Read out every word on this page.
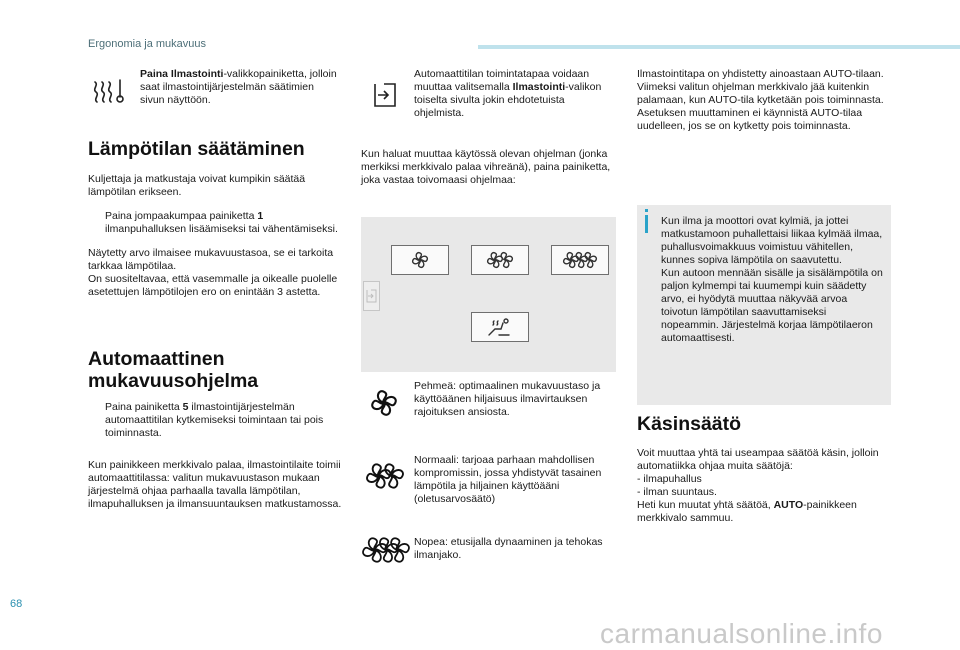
Ergonomia ja mukavuus
68
carmanualsonline.info

Paina Ilmastointi-valikkopainiketta, jolloin saat ilmastointijärjestelmän säätimien sivun näyttöön.

Lämpötilan säätäminen

Kuljettaja ja matkustaja voivat kumpikin säätää lämpötilan erikseen.

Paina jompaakumpaa painiketta 1 ilmanpuhalluksen lisäämiseksi tai vähentämiseksi.

Näytetty arvo ilmaisee mukavuustasoa, se ei tarkoita tarkkaa lämpötilaa.

On suositeltavaa, että vasemmalle ja oikealle puolelle asetettujen lämpötilojen ero on enintään 3 astetta.

Automaattinen
mukavuusohjelma

Paina painiketta 5 ilmastointijärjestelmän automaattitilan kytkemiseksi toimintaan tai pois toiminnasta.

Kun painikkeen merkkivalo palaa, ilmastointilaite toimii automaattitilassa: valitun mukavuustason mukaan järjestelmä ohjaa parhaalla tavalla lämpötilan, ilmapuhalluksen ja ilmansuuntauksen matkustamossa.

Automaattitilan toimintatapaa voidaan muuttaa valitsemalla Ilmastointi-valikon toiselta sivulta jokin ehdotetuista ohjelmista.

Kun haluat muuttaa käytössä olevan ohjelman (jonka merkiksi merkkivalo palaa vihreänä), paina painiketta, joka vastaa toivomaasi ohjelmaa:

Pehmeä: optimaalinen mukavuustaso ja käyttöäänen hiljaisuus ilmavirtauksen rajoituksen ansiosta.

Normaali: tarjoaa parhaan mahdollisen kompromissin, jossa yhdistyvät tasainen lämpötila ja hiljainen käyttöääni (oletusarvosäätö)

Nopea: etusijalla dynaaminen ja tehokas ilmanjako.

Ilmastointitapa on yhdistetty ainoastaan AUTO-tilaan. Viimeksi valitun ohjelman merkkivalo jää kuitenkin palamaan, kun AUTO-tila kytketään pois toiminnasta.

Asetuksen muuttaminen ei käynnistä AUTO-tilaa uudelleen, jos se on kytketty pois toiminnasta.

Kun ilma ja moottori ovat kylmiä, ja jottei matkustamoon puhallettaisi liikaa kylmää ilmaa, puhallusvoimakkuus voimistuu vähitellen, kunnes sopiva lämpötila on saavutettu.

Kun autoon mennään sisälle ja sisälämpötila on paljon kylmempi tai kuumempi kuin säädetty arvo, ei hyödytä muuttaa näkyvää arvoa toivotun lämpötilan saavuttamiseksi nopeammin. Järjestelmä korjaa lämpötilaeron automaattisesti.

Käsinsäätö

Voit muuttaa yhtä tai useampaa säätöä käsin, jolloin automatiikka ohjaa muita säätöjä:

- ilmapuhallus

- ilman suuntaus.

Heti kun muutat yhtä säätöä, AUTO-painikkeen merkkivalo sammuu.
